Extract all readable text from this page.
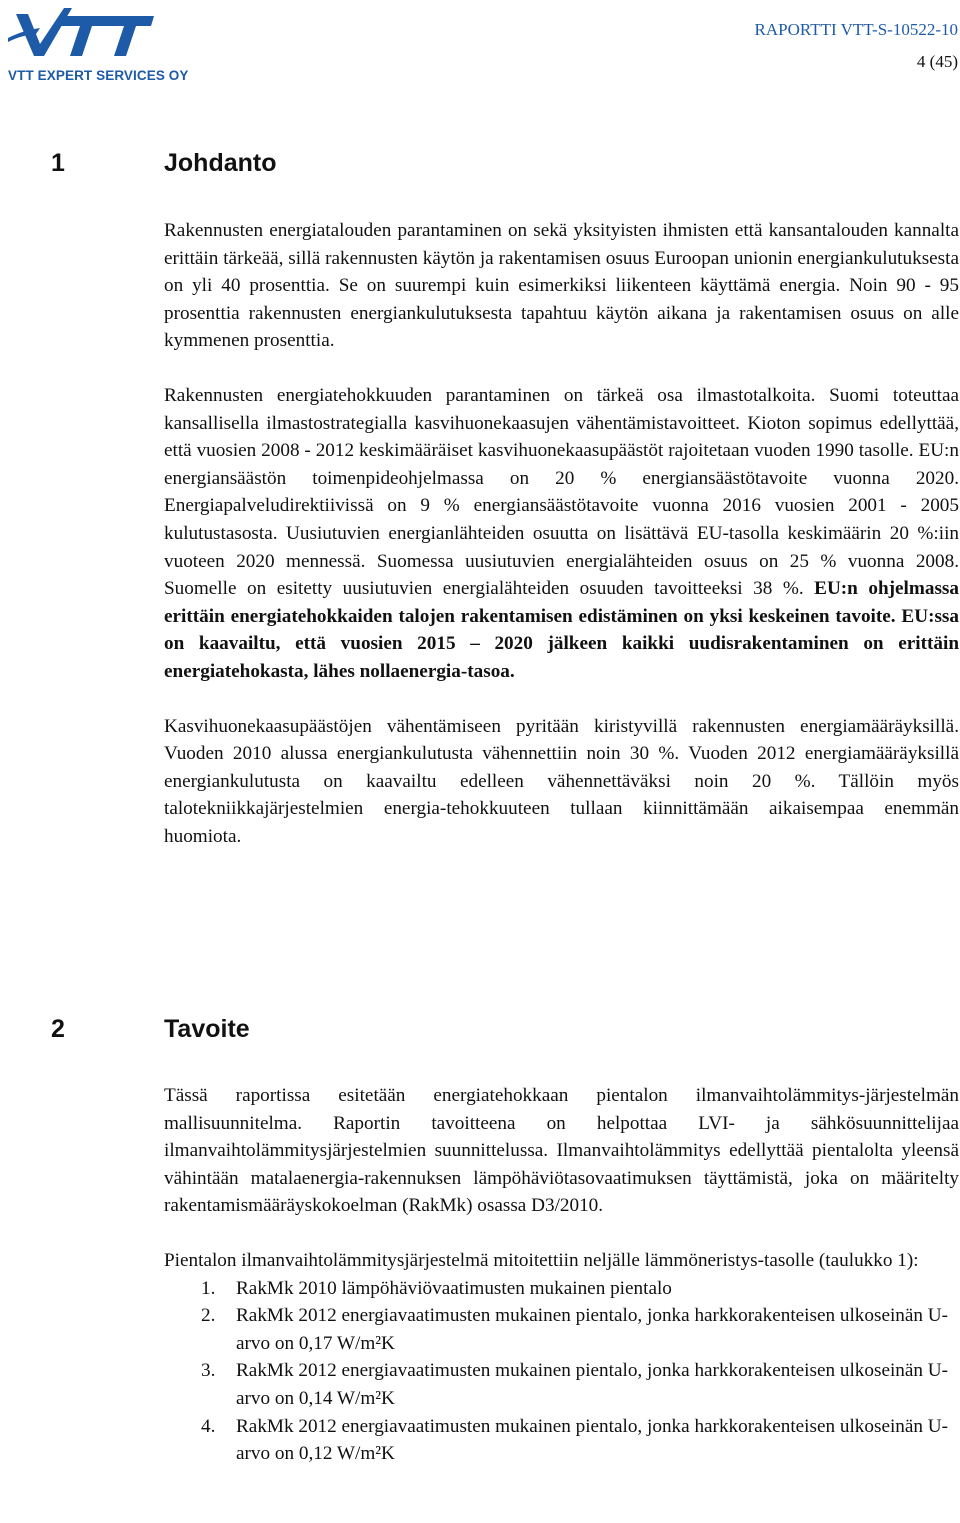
VTT EXPERT SERVICES OY
RAPORTTI VTT-S-10522-10
4 (45)
1	Johdanto

Rakennusten energiatalouden parantaminen on sekä yksityisten ihmisten että kansantalouden kannalta erittäin tärkeää, sillä rakennusten käytön ja rakentamisen osuus Euroopan unionin energiankulutuksesta on yli 40 prosenttia. Se on suurempi kuin esimerkiksi liikenteen käyttämä energia. Noin 90 - 95 prosenttia rakennusten energiankulutuksesta tapahtuu käytön aikana ja rakentamisen osuus on alle kymmenen prosenttia.

Rakennusten energiatehokkuuden parantaminen on tärkeä osa ilmastotalkoita. Suomi toteuttaa kansallisella ilmastostrategialla kasvihuonekaasujen vähentämistavoitteet. Kioton sopimus edellyttää, että vuosien 2008 - 2012 keskimääräiset kasvihuonekaasupäästöt rajoitetaan vuoden 1990 tasolle. EU:n energiansäästön toimenpideohjelmassa on 20 % energiansäästötavoite vuonna 2020. Energiapalveludirektiivissä on 9 % energiansäästötavoite vuonna 2016 vuosien 2001 - 2005 kulutustasosta. Uusiutuvien energianlähteiden osuutta on lisättävä EU-tasolla keskimäärin 20 %:iin vuoteen 2020 mennessä. Suomessa uusiutuvien energialähteiden osuus on 25 % vuonna 2008. Suomelle on esitetty uusiutuvien energialähteiden osuuden tavoitteeksi 38 %. EU:n ohjelmassa erittäin energiatehokkaiden talojen rakentamisen edistäminen on yksi keskeinen tavoite. EU:ssa on kaavailtu, että vuosien 2015 – 2020 jälkeen kaikki uudisrakentaminen on erittäin energiatehokasta, lähes nollaenergia-tasoa.

Kasvihuonekaasupäästöjen vähentämiseen pyritään kiristyvillä rakennusten energiamääräyksillä. Vuoden 2010 alussa energiankulutusta vähennettiin noin 30 %. Vuoden 2012 energiamääräyksillä energiankulutusta on kaavailtu edelleen vähennettäväksi noin 20 %. Tällöin myös talotekniikkajärjestelmien energia-tehokkuuteen tullaan kiinnittämään aikaisempaa enemmän huomiota.

2	Tavoite

Tässä raportissa esitetään energiatehokkaan pientalon ilmanvaihtolämmitys-järjestelmän mallisuunnitelma. Raportin tavoitteena on helpottaa LVI- ja sähkösuunnittelijaa ilmanvaihtolämmitysjärjestelmien suunnittelussa. Ilmanvaihtolämmitys edellyttää pientalolta yleensä vähintään matalaenergia-rakennuksen lämpöhäviötasovaatimuksen täyttämistä, joka on määritelty rakentamismääräyskokoelman (RakMk) osassa D3/2010.

Pientalon ilmanvaihtolämmitysjärjestelmä mitoitettiin neljälle lämmöneristys-tasolle (taulukko 1):

1. RakMk 2010 lämpöhäviövaatimusten mukainen pientalo
2. RakMk 2012 energiavaatimusten mukainen pientalo, jonka harkkorakenteisen ulkoseinän U-arvo on 0,17 W/m²K
3. RakMk 2012 energiavaatimusten mukainen pientalo, jonka harkkorakenteisen ulkoseinän U-arvo on 0,14 W/m²K
4. RakMk 2012 energiavaatimusten mukainen pientalo, jonka harkkorakenteisen ulkoseinän U-arvo on 0,12 W/m²K
